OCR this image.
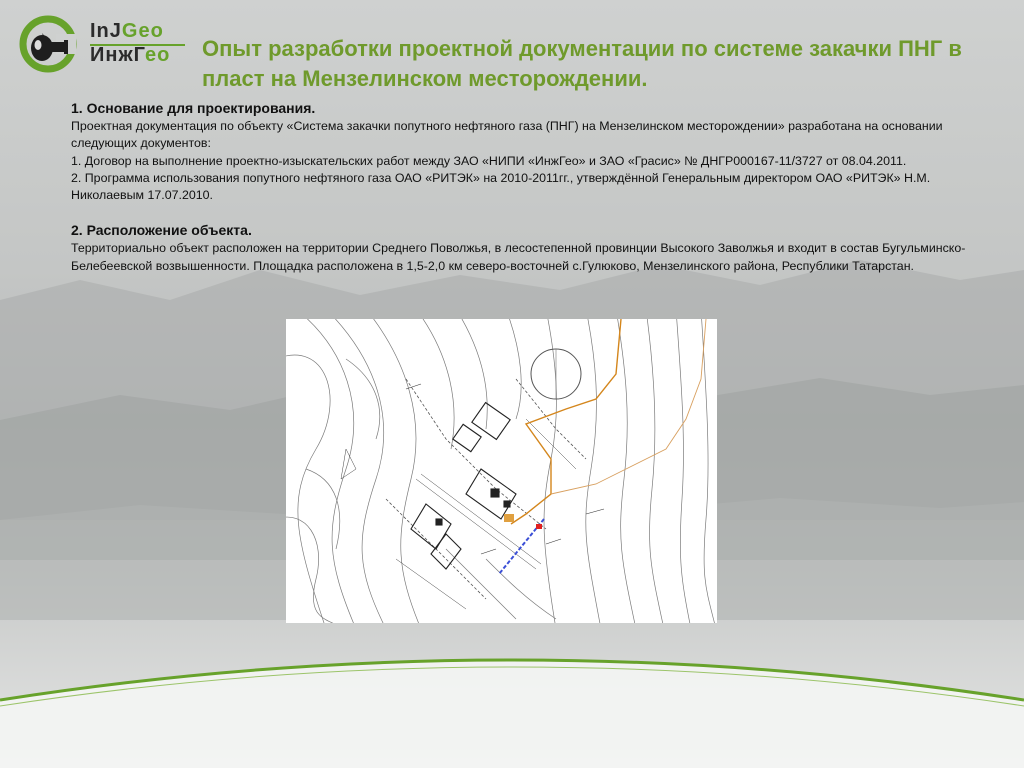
InJGeo
ИнжГео Опыт разработки проектной документации по системе закачки ПНГ в пласт на Мензелинском месторождении.
1. Основание для проектирования.

Проектная документация по объекту «Система закачки попутного нефтяного газа (ПНГ) на Мензелинском месторождении» разработана на основании следующих документов:

1. Договор на выполнение проектно-изыскательских работ между ЗАО «НИПИ «ИнжГео» и ЗАО «Грасис» № ДНГР000167-11/3727 от 08.04.2011.

2. Программа использования попутного нефтяного газа ОАО «РИТЭК» на 2010-2011гг., утверждённой Генеральным директором ОАО «РИТЭК» Н.М. Николаевым 17.07.2010.

2. Расположение объекта.

Территориально объект расположен на территории Среднего Поволжья, в лесостепенной провинции Высокого Заволжья и входит в состав Бугульминско-Белебеевской возвышенности. Площадка расположена в 1,5-2,0 км северо-восточней с.Гулюково, Мензелинского района, Республики Татарстан.
